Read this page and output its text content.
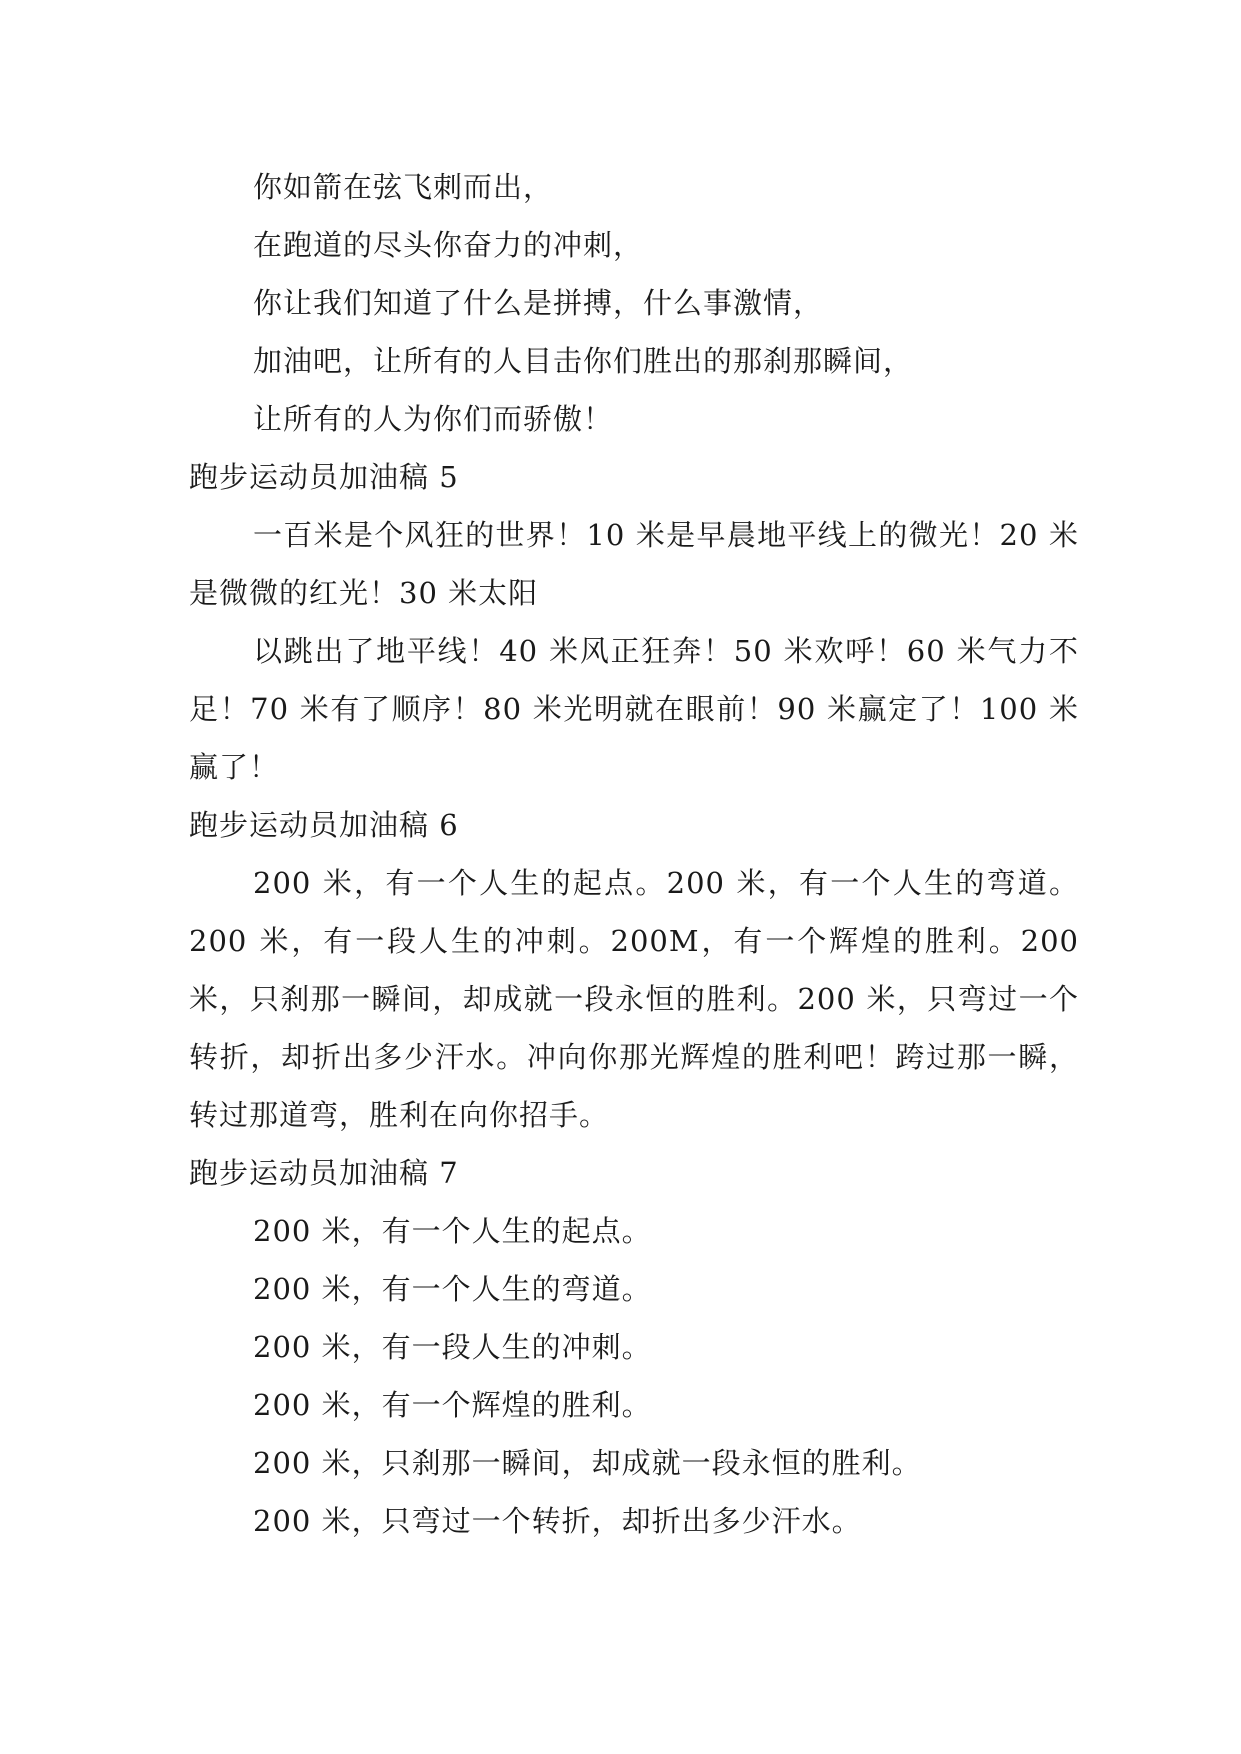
你如箭在弦飞刺而出，
在跑道的尽头你奋力的冲刺，
你让我们知道了什么是拼搏，什么事激情，
加油吧，让所有的人目击你们胜出的那刹那瞬间，
让所有的人为你们而骄傲！
跑步运动员加油稿 5
一百米是个风狂的世界！10 米是早晨地平线上的微光！20 米是微微的红光！30 米太阳
以跳出了地平线！40 米风正狂奔！50 米欢呼！60 米气力不足！70 米有了顺序！80 米光明就在眼前！90 米赢定了！100 米赢了！
跑步运动员加油稿 6
200 米，有一个人生的起点。200 米，有一个人生的弯道。200 米，有一段人生的冲刺。200M，有一个辉煌的胜利。200 米，只刹那一瞬间，却成就一段永恒的胜利。200 米，只弯过一个转折，却折出多少汗水。冲向你那光辉煌的胜利吧！跨过那一瞬，转过那道弯，胜利在向你招手。
跑步运动员加油稿 7
200 米，有一个人生的起点。
200 米，有一个人生的弯道。
200 米，有一段人生的冲刺。
200 米，有一个辉煌的胜利。
200 米，只刹那一瞬间，却成就一段永恒的胜利。
200 米，只弯过一个转折，却折出多少汗水。
